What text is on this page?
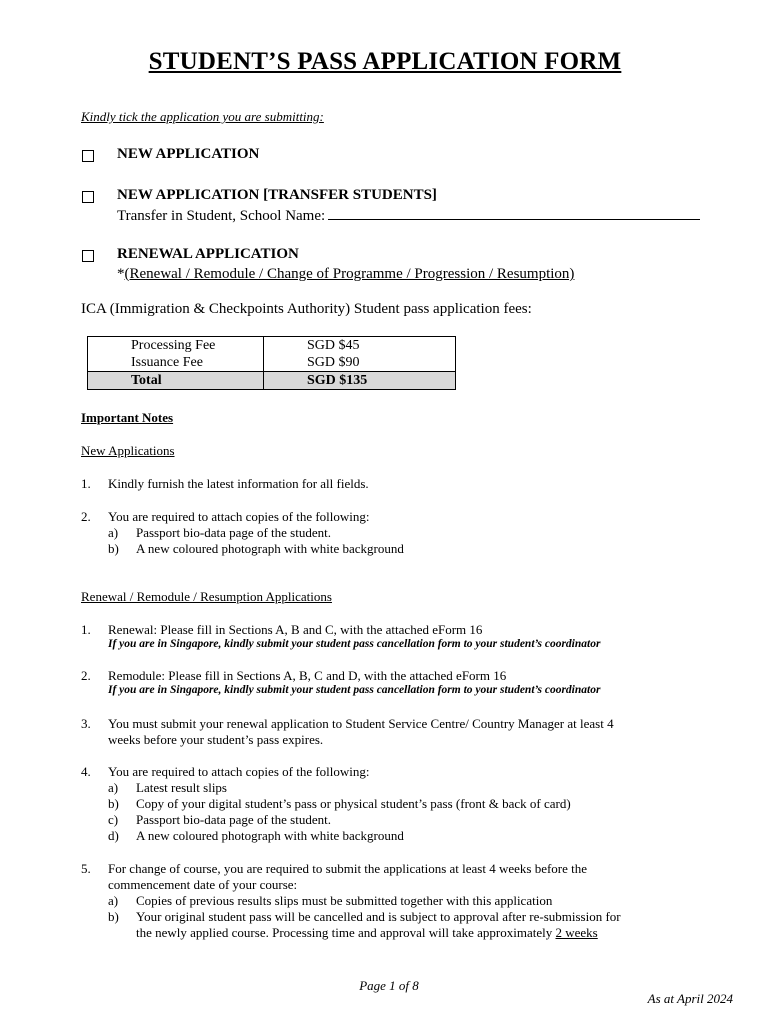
STUDENT’S PASS APPLICATION FORM
Kindly tick the application you are submitting:
NEW APPLICATION
NEW APPLICATION [TRANSFER STUDENTS]
Transfer in Student, School Name:
RENEWAL APPLICATION
*(Renewal / Remodule / Change of Programme / Progression / Resumption)
ICA (Immigration & Checkpoints Authority) Student pass application fees:
Processing Fee	SGD $45
Issuance Fee	SGD $90
Total	SGD $135
Important Notes
New Applications
1. Kindly furnish the latest information for all fields.
2. You are required to attach copies of the following:
a) Passport bio-data page of the student.
b) A new coloured photograph with white background
Renewal / Remodule / Resumption Applications
1. Renewal: Please fill in Sections A, B and C, with the attached eForm 16
If you are in Singapore, kindly submit your student pass cancellation form to your student’s coordinator
2. Remodule: Please fill in Sections A, B, C and D, with the attached eForm 16
If you are in Singapore, kindly submit your student pass cancellation form to your student’s coordinator
3. You must submit your renewal application to Student Service Centre/ Country Manager at least 4
weeks before your student’s pass expires.
4. You are required to attach copies of the following:
a) Latest result slips
b) Copy of your digital student’s pass or physical student’s pass (front & back of card)
c) Passport bio-data page of the student.
d) A new coloured photograph with white background
5. For change of course, you are required to submit the applications at least 4 weeks before the
commencement date of your course:
a) Copies of previous results slips must be submitted together with this application
b) Your original student pass will be cancelled and is subject to approval after re-submission for
the newly applied course. Processing time and approval will take approximately 2 weeks
Page 1 of 8
As at April 2024
